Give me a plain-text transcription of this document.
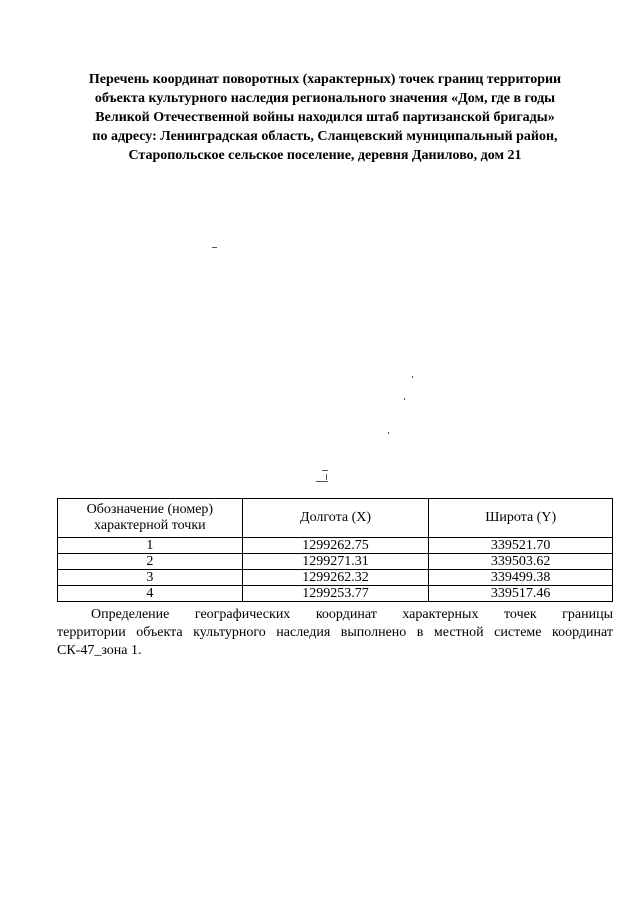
Перечень координат поворотных (характерных) точек границ территории
объекта культурного наследия регионального значения «Дом, где в годы
Великой Отечественной войны находился штаб партизанской бригады»
по адресу: Ленинградская область, Сланцевский муниципальный район,
Старопольское сельское поселение, деревня Данилово, дом 21
Обозначение (номер) характерной точки	Долгота (X)	Широта (Y)
1	1299262.75	339521.70
2	1299271.31	339503.62
3	1299262.32	339499.38
4	1299253.77	339517.46
Определение географических координат характерных точек границы
территории объекта культурного наследия выполнено в местной системе координат СК-47_зона 1.
